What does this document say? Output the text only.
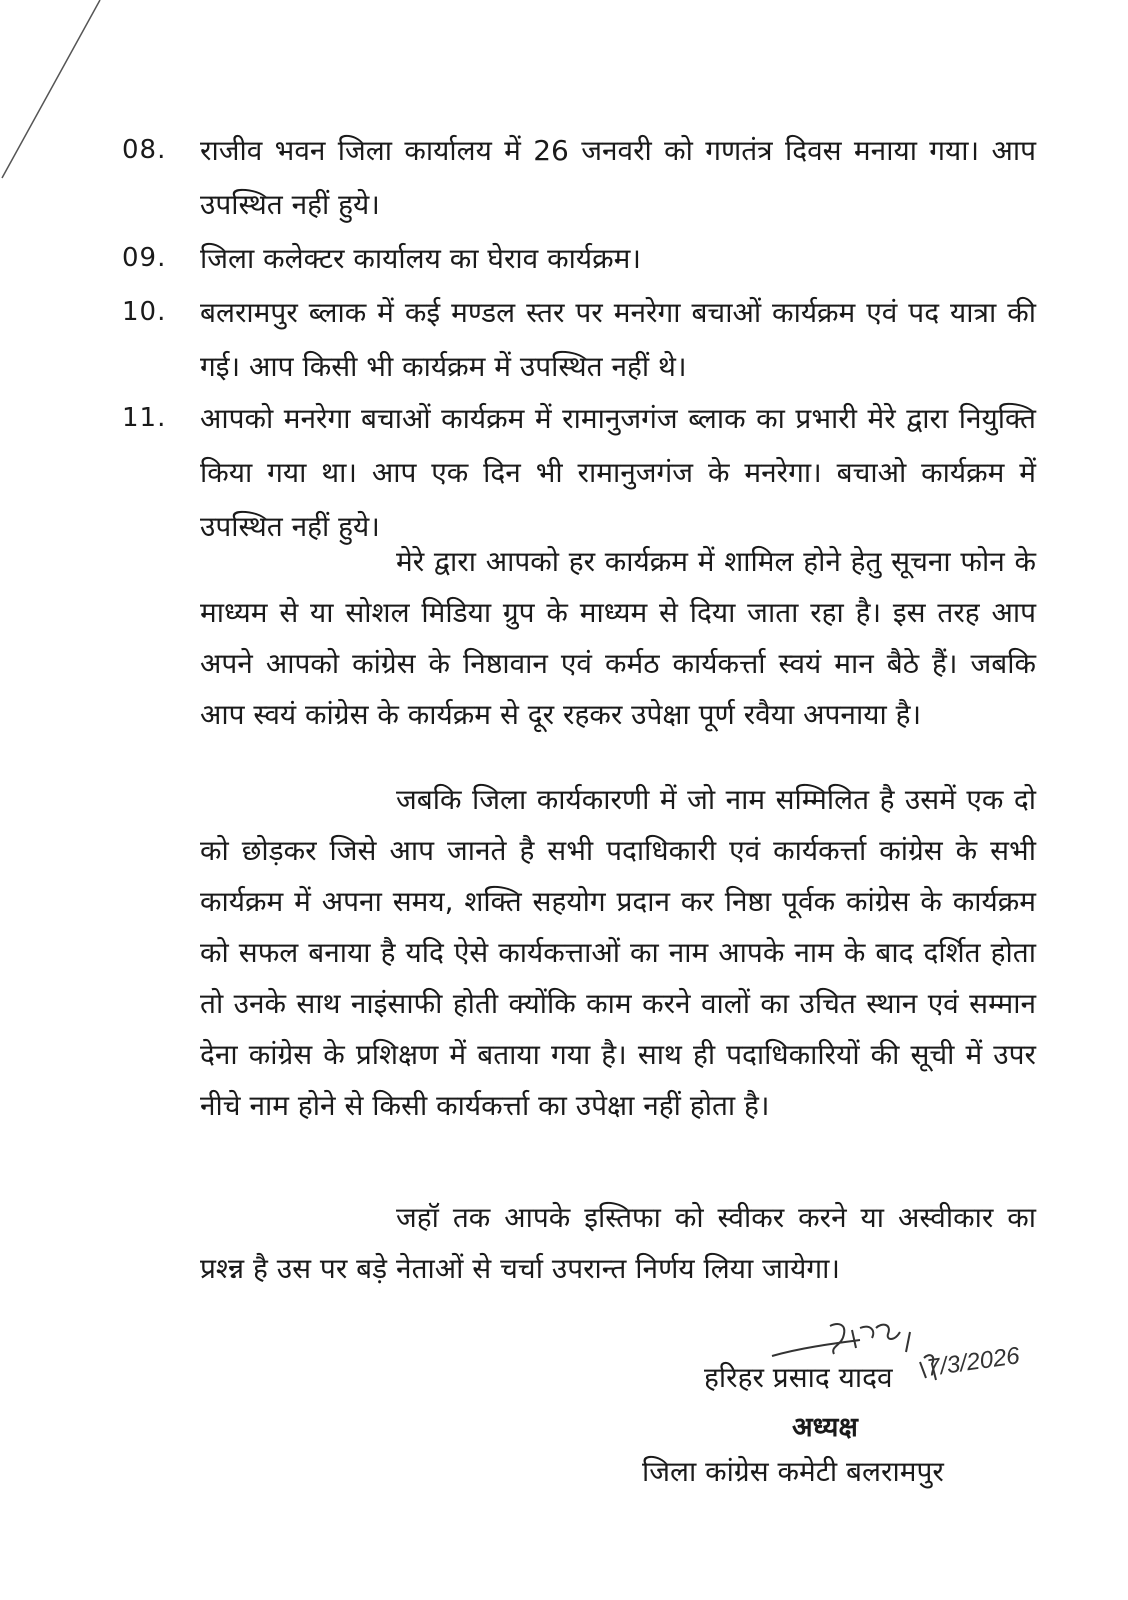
08. राजीव भवन जिला कार्यालय में 26 जनवरी को गणतंत्र दिवस मनाया गया। आप उपस्थित नहीं हुये।
09. जिला कलेक्टर कार्यालय का घेराव कार्यक्रम।
10. बलरामपुर ब्लाक में कई मण्डल स्तर पर मनरेगा बचाओं कार्यक्रम एवं पद यात्रा की गई। आप किसी भी कार्यक्रम में उपस्थित नहीं थे।
11. आपको मनरेगा बचाओं कार्यक्रम में रामानुजगंज ब्लाक का प्रभारी मेरे द्वारा नियुक्ति किया गया था। आप एक दिन भी रामानुजगंज के मनरेगा। बचाओ कार्यक्रम में उपस्थित नहीं हुये।
मेरे द्वारा आपको हर कार्यक्रम में शामिल होने हेतु सूचना फोन के माध्यम से या सोशल मिडिया ग्रुप के माध्यम से दिया जाता रहा है। इस तरह आप अपने आपको कांग्रेस के निष्ठावान एवं कर्मठ कार्यकर्त्ता स्वयं मान बैठे हैं। जबकि आप स्वयं कांग्रेस के कार्यक्रम से दूर रहकर उपेक्षा पूर्ण रवैया अपनाया है।
जबकि जिला कार्यकारणी में जो नाम सम्मिलित है उसमें एक दो को छोड़कर जिसे आप जानते है सभी पदाधिकारी एवं कार्यकर्त्ता कांग्रेस के सभी कार्यक्रम में अपना समय, शक्ति सहयोग प्रदान कर निष्ठा पूर्वक कांग्रेस के कार्यक्रम को सफल बनाया है यदि ऐसे कार्यकत्ताओं का नाम आपके नाम के बाद दर्शित होता तो उनके साथ नाइंसाफी होती क्योंकि काम करने वालों का उचित स्थान एवं सम्मान देना कांग्रेस के प्रशिक्षण में बताया गया है। साथ ही पदाधिकारियों की सूची में उपर नीचे नाम होने से किसी कार्यकर्त्ता का उपेक्षा नहीं होता है।
जहॉ तक आपके इस्तिफा को स्वीकर करने या अस्वीकार का प्रश्न्न है उस पर बड़े नेताओं से चर्चा उपरान्त निर्णय लिया जायेगा।
7/3/2026
हरिहर प्रसाद यादव
अध्यक्ष
जिला कांग्रेस कमेटी बलरामपुर
